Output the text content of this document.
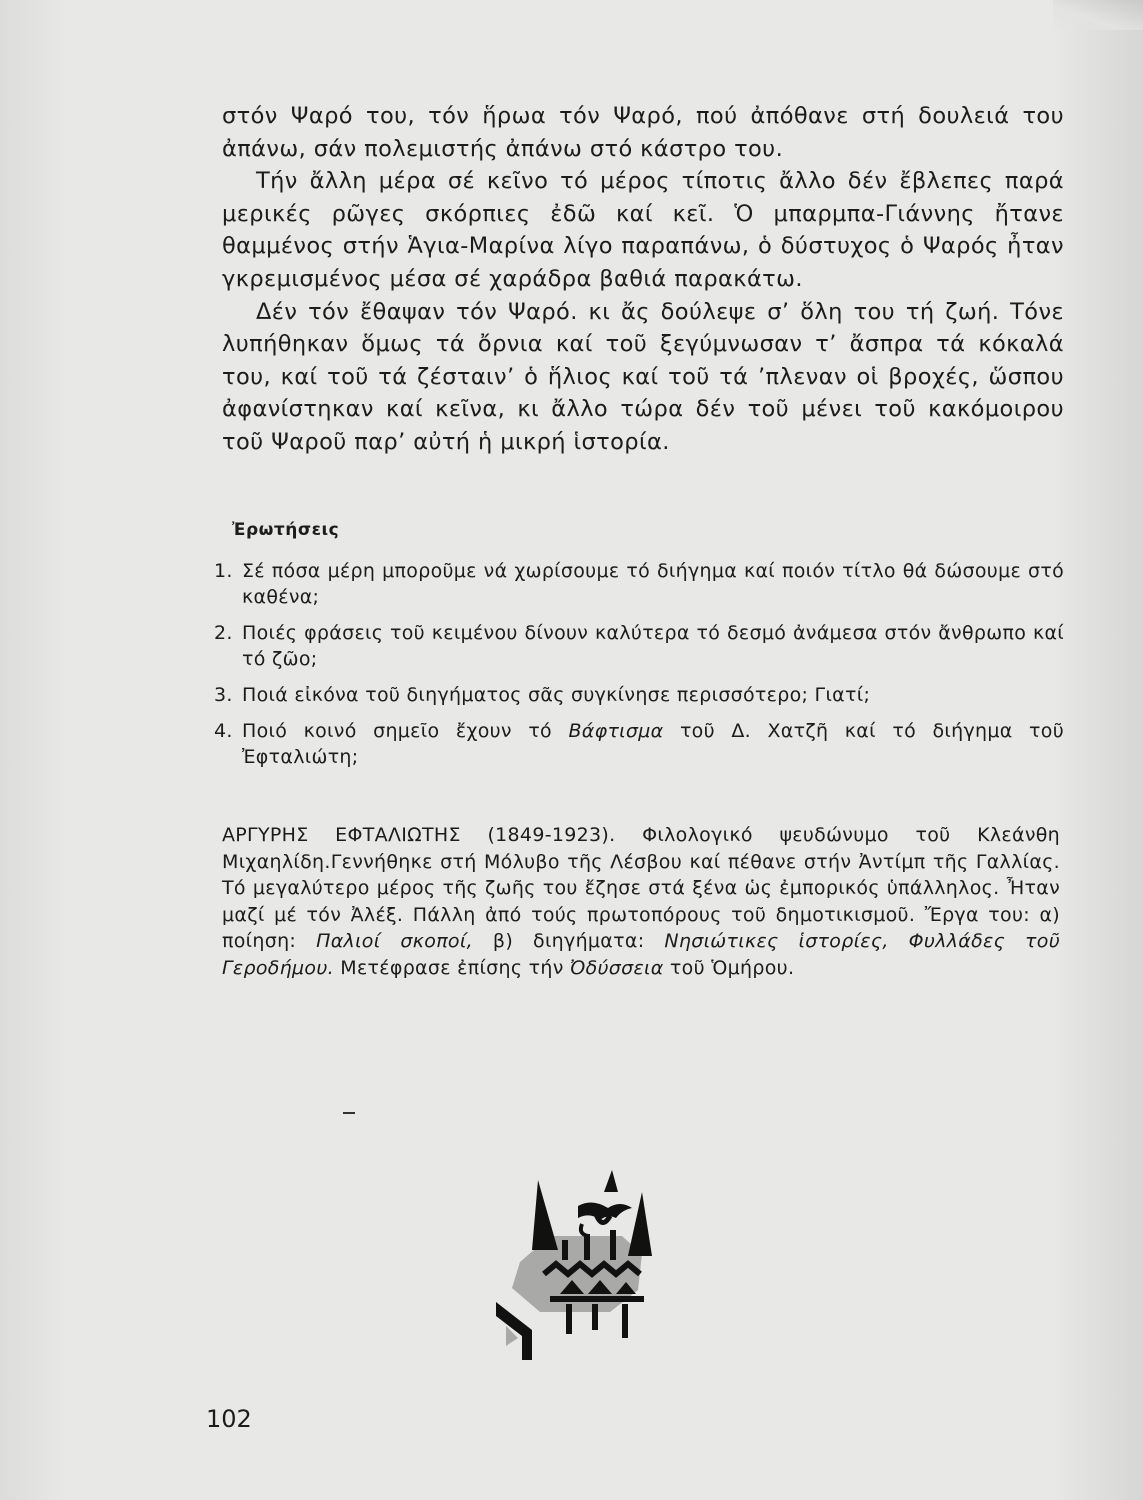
στόν Ψαρό του, τόν ἥρωα τόν Ψαρό, πού ἀπόθανε στή δουλειά του ἀπάνω, σάν πολεμιστής ἀπάνω στό κάστρο του.

Τήν ἄλλη μέρα σέ κεῖνο τό μέρος τίποτις ἄλλο δέν ἔβλεπες παρά μερικές ρῶγες σκόρπιες ἐδῶ καί κεῖ. Ὁ μπαρμπα-Γιάννης ἤτανε θαμμένος στήν Ἁγια-Μαρίνα λίγο παραπάνω, ὁ δύστυχος ὁ Ψαρός ἦταν γκρεμισμένος μέσα σέ χαράδρα βαθιά παρακάτω.

Δέν τόν ἔθαψαν τόν Ψαρό. κι ἄς δούλεψε σ’ ὅλη του τή ζωή. Τόνε λυπήθηκαν ὅμως τά ὄρνια καί τοῦ ξεγύμνωσαν τ’ ἄσπρα τά κόκαλά του, καί τοῦ τά ζέσταιν’ ὁ ἥλιος καί τοῦ τά ’πλεναν οἱ βροχές, ὥσπου ἀφανίστηκαν καί κεῖνα, κι ἄλλο τώρα δέν τοῦ μένει τοῦ κακόμοιρου τοῦ Ψαροῦ παρ’ αὐτή ἡ μικρή ἱστορία.

Ἐρωτήσεις
1. Σέ πόσα μέρη μποροῦμε νά χωρίσουμε τό διήγημα καί ποιόν τίτλο θά δώσουμε στό καθένα;
2. Ποιές φράσεις τοῦ κειμένου δίνουν καλύτερα τό δεσμό ἀνάμεσα στόν ἄνθρωπο καί τό ζῶο;
3. Ποιά εἰκόνα τοῦ διηγήματος σᾶς συγκίνησε περισσότερο; Γιατί;
4. Ποιό κοινό σημεῖο ἔχουν τό Βάφτισμα τοῦ Δ. Χατζῆ καί τό διήγημα τοῦ Ἐφταλιώτη;

ΑΡΓΥΡΗΣ ΕΦΤΑΛΙΩΤΗΣ (1849-1923). Φιλολογικό ψευδώνυμο τοῦ Κλεάνθη Μιχαηλίδη.Γεννήθηκε στή Μόλυβο τῆς Λέσβου καί πέθανε στήν Ἀντίμπ τῆς Γαλλίας. Τό μεγαλύτερο μέρος τῆς ζωῆς του ἔζησε στά ξένα ὡς ἐμπορικός ὑπάλληλος. Ἦταν μαζί μέ τόν Ἀλέξ. Πάλλη ἀπό τούς πρωτοπόρους τοῦ δημοτικισμοῦ. Ἔργα του: α) ποίηση: Παλιοί σκοποί, β) διηγήματα: Νησιώτικες ἱστορίες, Φυλλάδες τοῦ Γεροδήμου. Μετέφρασε ἐπίσης τήν Ὀδύσσεια τοῦ Ὁμήρου.

102
